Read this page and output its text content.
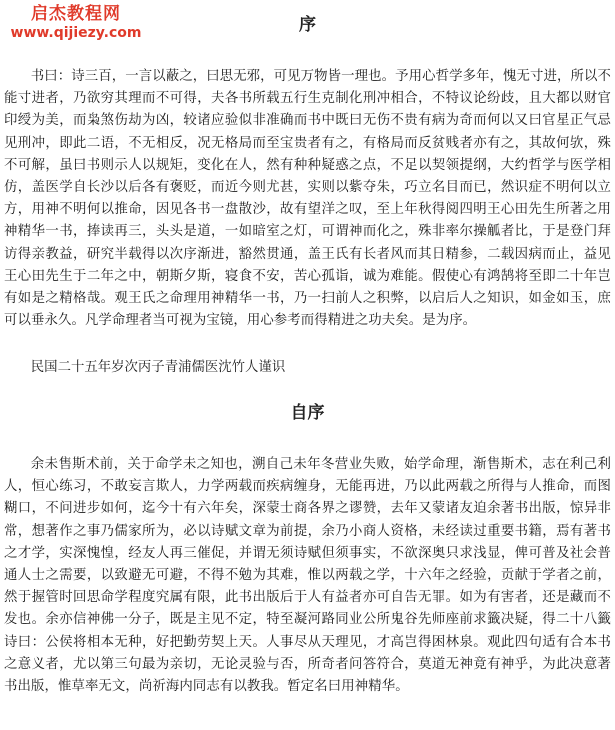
启杰教程网
www.qijiezy.com	序

书曰：诗三百，一言以蔽之，曰思无邪，可见万物皆一理也。予用心哲学多年，愧无寸进，所以不能寸进者，乃欲穷其理而不可得，夫各书所载五行生克制化刑冲相合，不特议论纷歧，且大都以财官印绶为美，而枭煞伤劫为凶，较诸应验似非准确而书中既曰无伤不贵有病为奇而何以又曰官星正气忌见刑冲，即此二语，不无相反，况无格局而至宝贵者有之，有格局而反贫贱者亦有之，其故何欤，殊不可解，虽曰书则示人以规矩，变化在人，然有种种疑惑之点，不足以契领提纲，大约哲学与医学相仿，盖医学自长沙以后各有褒贬，而近今则尤甚，实则以紫夺朱，巧立名目而已，然识症不明何以立方，用神不明何以推命，因见各书一盘散沙，故有望洋之叹，至上年秋得阅四明王心田先生所著之用神精华一书，捧读再三，头头是道，一如暗室之灯，可谓神而化之，殊非率尔操觚者比，于是登门拜访得亲教益，研究半载得以次序渐进，豁然贯通，盖王氏有长者风而其日精参，二载因病而止，益见王心田先生于二年之中，朝斯夕斯，寝食不安，苦心孤诣，诚为难能。假使心有鸿鹄将至即二十年岂有如是之精格哉。观王氏之命理用神精华一书，乃一扫前人之积弊，以启后人之知识，如金如玉，庶可以垂永久。凡学命理者当可视为宝镜，用心参考而得精进之功夫矣。是为序。

民国二十五年岁次丙子青浦儒医沈竹人谨识

自序

余未售斯术前，关于命学未之知也，溯自己未年冬营业失败，始学命理，渐售斯术，志在利己利人，恒心练习，不敢妄言欺人，力学两载而疾病缠身，无能再进，乃以此两载之所得与人推命，而图糊口，不问进步如何，迄今十有六年矣，深蒙士商各界之谬赞，去年又蒙诸友迫余著书出版，惊异非常，想著作之事乃儒家所为，必以诗赋文章为前提，余乃小商人资格，未经读过重要书籍，焉有著书之才学，实深愧惶，经友人再三催促，并谓无须诗赋但须事实，不欲深奥只求浅显，俾可普及社会普通人士之需要，以致避无可避，不得不勉为其难，惟以两载之学，十六年之经验，贡献于学者之前，然于握管时回思命学程度究属有限，此书出版后于人有益者亦可自告无罪。如为有害者，还是藏而不发也。余亦信神佛一分子，既是主见不定，特至凝河路同业公所鬼谷先师座前求籤决疑，得二十八籤诗曰：公侯将相本无种，好把勤劳契上天。人事尽从天理见，才高岂得困林泉。观此四句适有合本书之意义者，尤以第三句最为亲切，无论灵验与否，所奇者问答符合，莫道无神竟有神乎，为此决意著书出版，惟草率无文，尚祈海内同志有以教我。暂定名曰用神精华。
